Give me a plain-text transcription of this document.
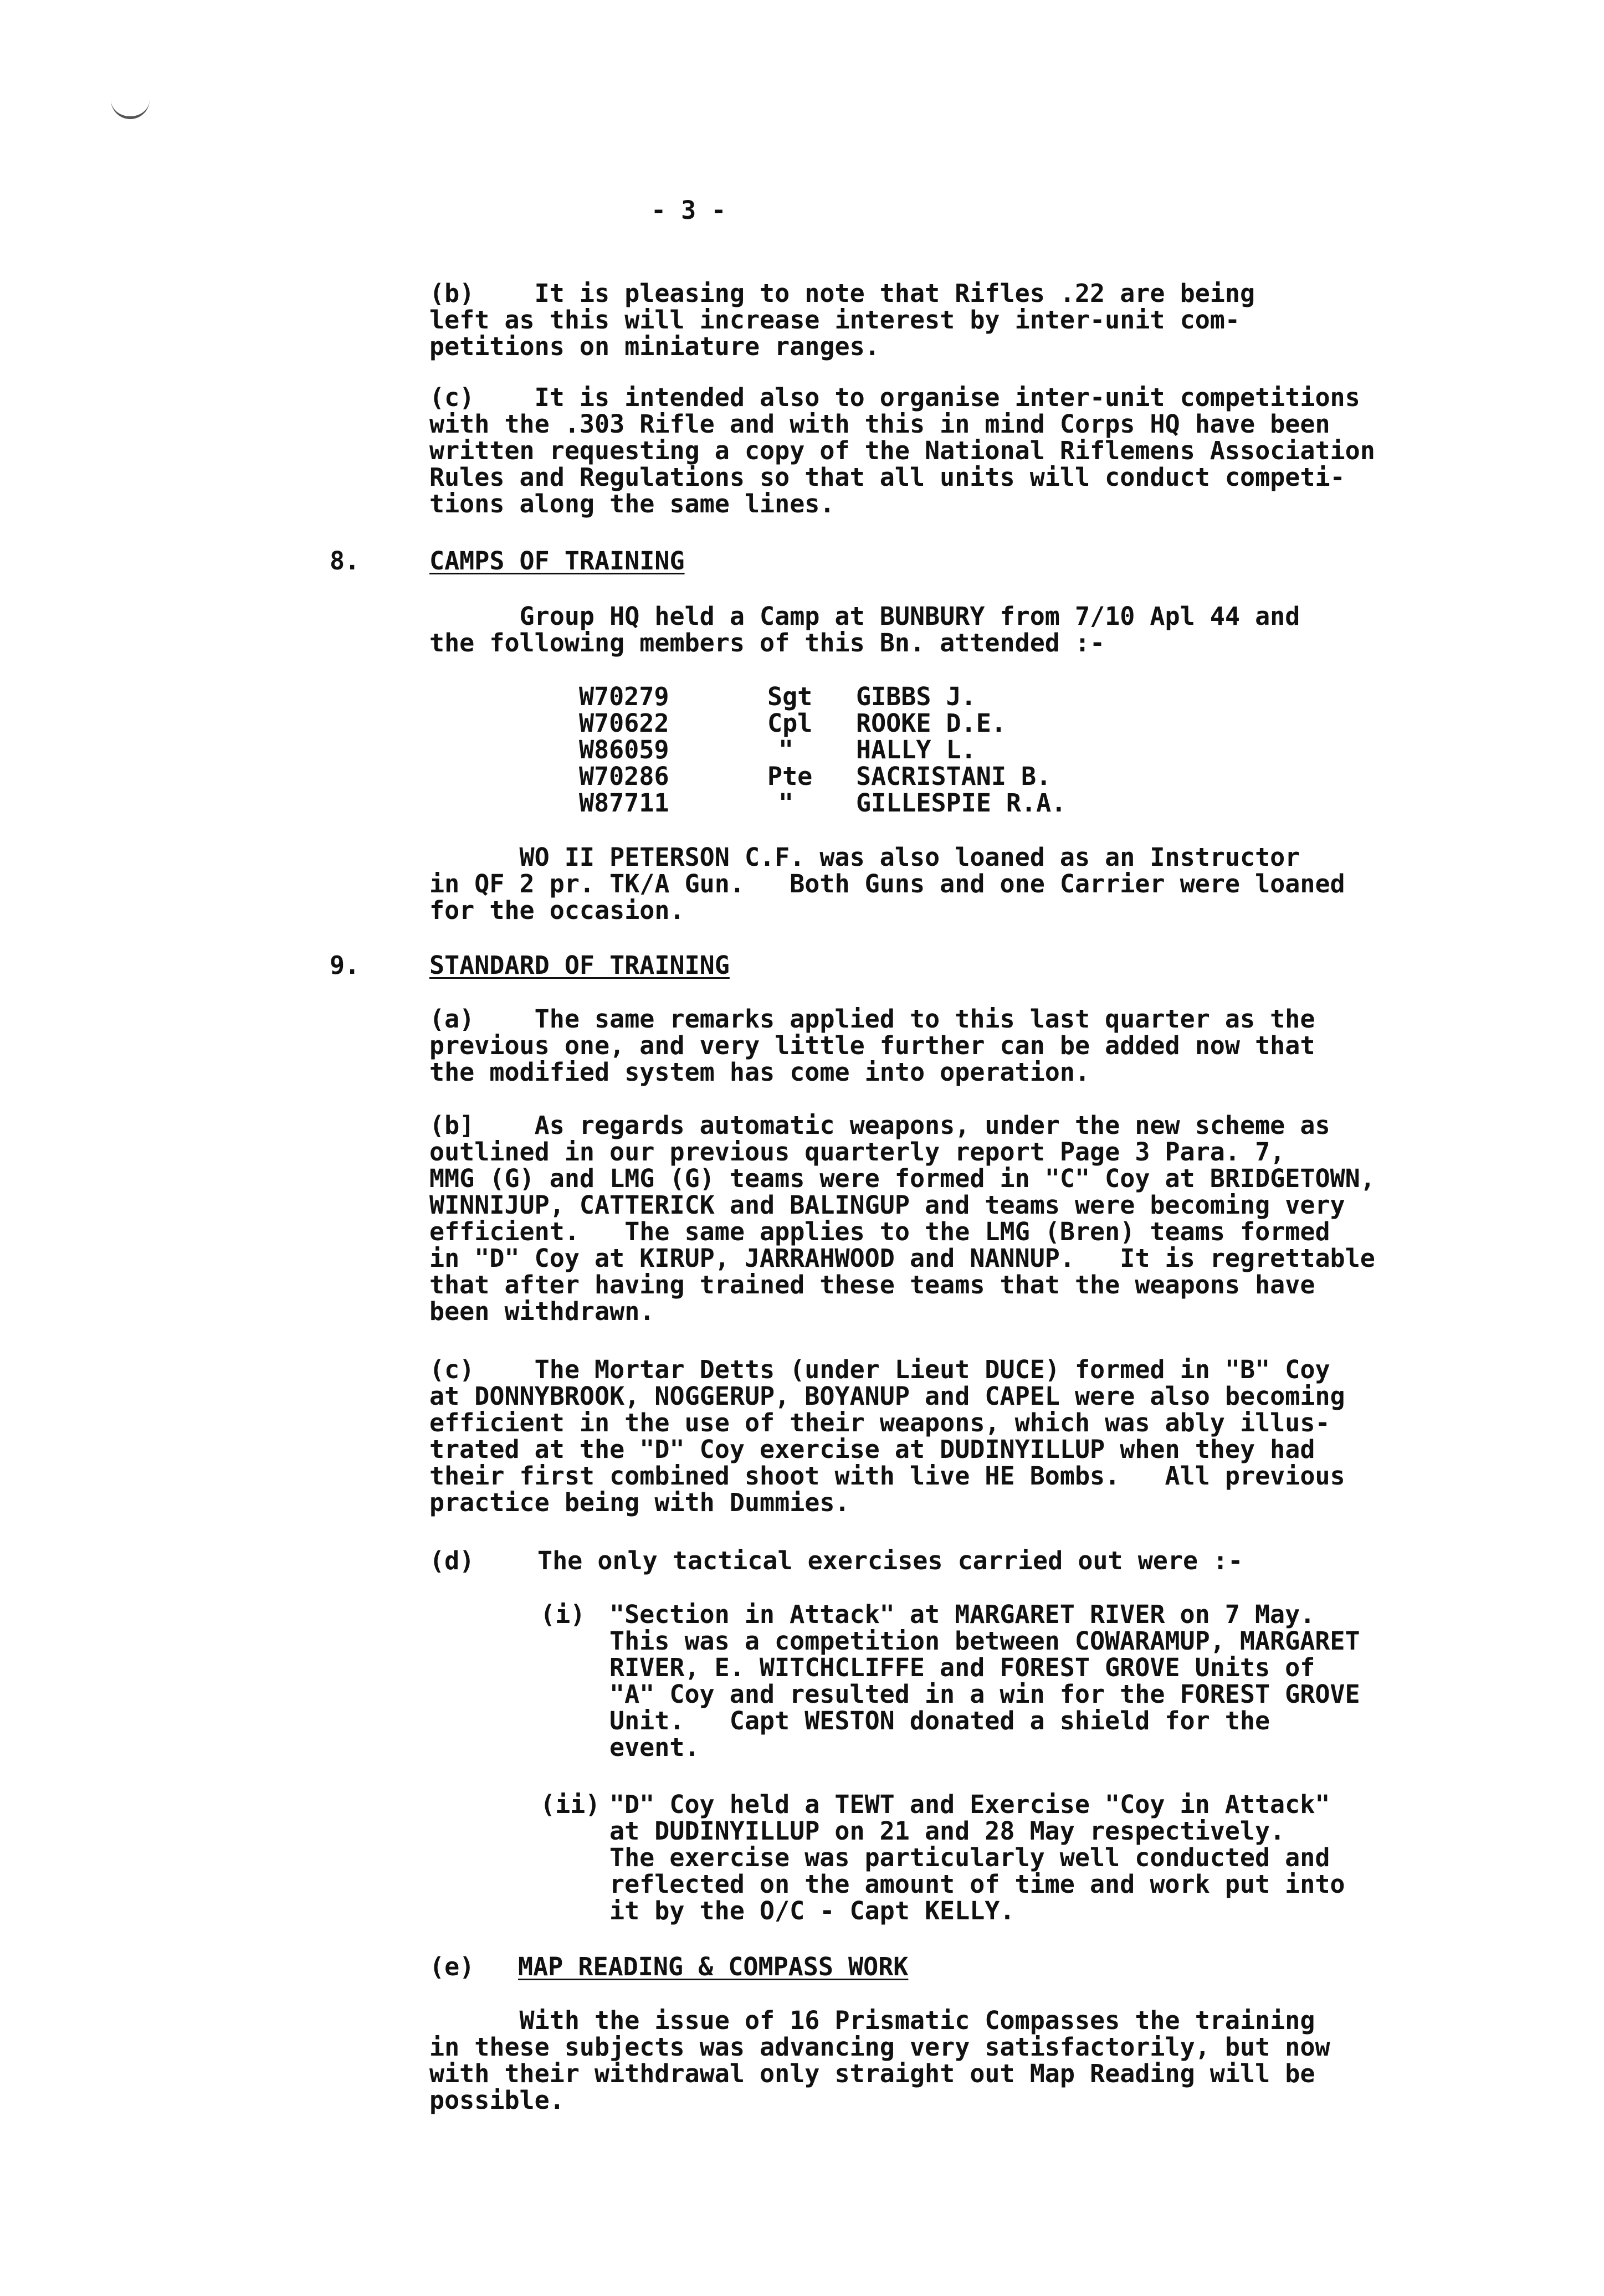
- 3 -
(b)    It is pleasing to note that Rifles .22 are being
left as this will increase interest by inter-unit com-
petitions on miniature ranges.
(c)    It is intended also to organise inter-unit competitions
with the .303 Rifle and with this in mind Corps HQ have been
written requesting a copy of the National Riflemens Association
Rules and Regulations so that all units will conduct competi-
tions along the same lines.
8.	CAMPS OF TRAINING
Group HQ held a Camp at BUNBURY from 7/10 Apl 44 and
the following members of this Bn. attended :-
W70279	Sgt GIBBS J.
W70622	Cpl ROOKE D.E.
W86059	"	HALLY L.
W70286	Pte SACRISTANI B.
W87711	"	GILLESPIE R.A.
WO II PETERSON C.F. was also loaned as an Instructor
in QF 2 pr. TK/A Gun.   Both Guns and one Carrier were loaned
for the occasion.
9.	STANDARD OF TRAINING
(a)    The same remarks applied to this last quarter as the
previous one, and very little further can be added now that
the modified system has come into operation.
(b]    As regards automatic weapons, under the new scheme as
outlined in our previous quarterly report Page 3 Para. 7,
MMG (G) and LMG (G) teams were formed in "C" Coy at BRIDGETOWN,
WINNIJUP, CATTERICK and BALINGUP and teams were becoming very
efficient.   The same applies to the LMG (Bren) teams formed
in "D" Coy at KIRUP, JARRAHWOOD and NANNUP.   It is regrettable
that after having trained these teams that the weapons have
been withdrawn.
(c)    The Mortar Detts (under Lieut DUCE) formed in "B" Coy
at DONNYBROOK, NOGGERUP, BOYANUP and CAPEL were also becoming
efficient in the use of their weapons, which was ably illus-
trated at the "D" Coy exercise at DUDINYILLUP when they had
their first combined shoot with live HE Bombs.   All previous
practice being with Dummies.
(d)	The only tactical exercises carried out were :-
(i) "Section in Attack" at MARGARET RIVER on 7 May.
This was a competition between COWARAMUP, MARGARET
RIVER, E. WITCHCLIFFE and FOREST GROVE Units of
"A" Coy and resulted in a win for the FOREST GROVE
Unit.   Capt WESTON donated a shield for the
event.
(ii) "D" Coy held a TEWT and Exercise "Coy in Attack"
at DUDINYILLUP on 21 and 28 May respectively.
The exercise was particularly well conducted and
reflected on the amount of time and work put into
it by the O/C - Capt KELLY.
(e) MAP READING & COMPASS WORK
With the issue of 16 Prismatic Compasses the training
in these subjects was advancing very satisfactorily, but now
with their withdrawal only straight out Map Reading will be
possible.
